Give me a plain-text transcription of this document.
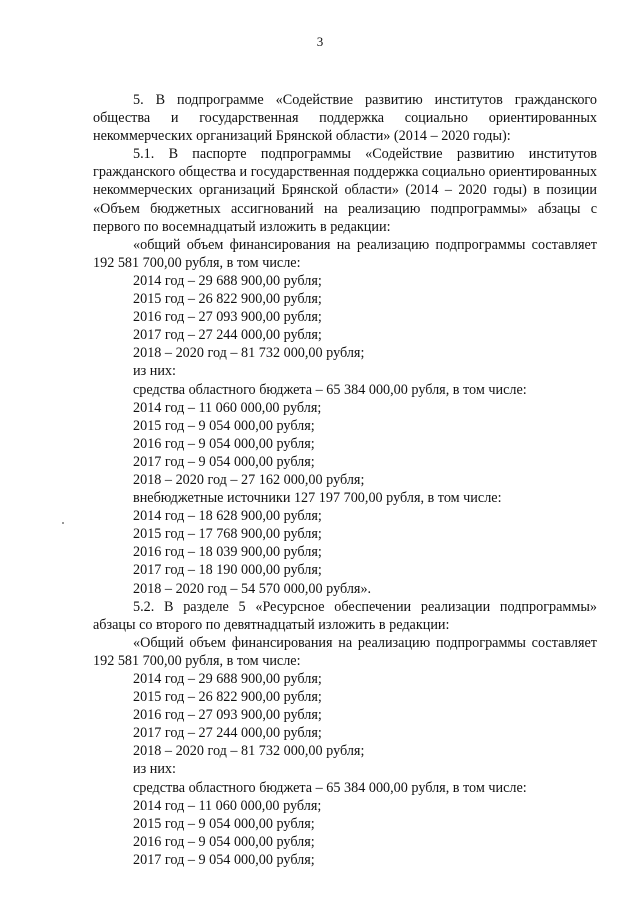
3

5. В подпрограмме «Содействие развитию институтов гражданского общества и государственная поддержка социально ориентированных некоммерческих организаций Брянской области» (2014 – 2020 годы):

5.1. В паспорте подпрограммы «Содействие развитию институтов гражданского общества и государственная поддержка социально ориентированных некоммерческих организаций Брянской области» (2014 – 2020 годы) в позиции «Объем бюджетных ассигнований на реализацию подпрограммы» абзацы с первого по восемнадцатый изложить в редакции:

«общий объем финансирования на реализацию подпрограммы составляет 192 581 700,00 рубля, в том числе:

2014 год – 29 688 900,00 рубля;

2015 год – 26 822 900,00 рубля;

2016 год – 27 093 900,00 рубля;

2017 год – 27 244 000,00 рубля;

2018 – 2020 год – 81 732 000,00 рубля;

из них:

средства областного бюджета – 65 384 000,00 рубля, в том числе:

2014 год – 11 060 000,00 рубля;

2015 год – 9 054 000,00 рубля;

2016 год – 9 054 000,00 рубля;

2017 год – 9 054 000,00 рубля;

2018 – 2020 год – 27 162 000,00 рубля;

внебюджетные источники 127 197 700,00 рубля, в том числе:

2014 год – 18 628 900,00 рубля;

2015 год – 17 768 900,00 рубля;

2016 год – 18 039 900,00 рубля;

2017 год – 18 190 000,00 рубля;

2018 – 2020 год – 54 570 000,00 рубля».

5.2. В разделе 5 «Ресурсное обеспечении реализации подпрограммы» абзацы со второго по девятнадцатый изложить в редакции:

«Общий объем финансирования на реализацию подпрограммы составляет 192 581 700,00 рубля, в том числе:

2014 год – 29 688 900,00 рубля;

2015 год – 26 822 900,00 рубля;

2016 год – 27 093 900,00 рубля;

2017 год – 27 244 000,00 рубля;

2018 – 2020 год – 81 732 000,00 рубля;

из них:

средства областного бюджета – 65 384 000,00 рубля, в том числе:

2014 год – 11 060 000,00 рубля;

2015 год – 9 054 000,00 рубля;

2016 год – 9 054 000,00 рубля;

2017 год – 9 054 000,00 рубля;
